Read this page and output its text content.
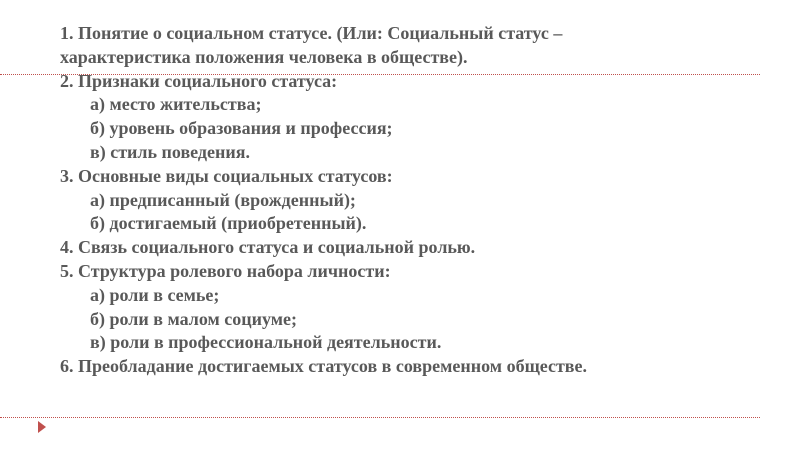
1. Понятие о социальном статусе. (Или: Социальный статус –
характеристика положения человека в обществе).
2. Признаки социального статуса:
а) место жительства;
б) уровень образования и профессия;
в) стиль поведения.
3. Основные виды социальных статусов:
а) предписанный (врожденный);
б) достигаемый (приобретенный).
4. Связь социального статуса и социальной ролью.
5. Структура ролевого набора личности:
а) роли в семье;
б) роли в малом социуме;
в) роли в профессиональной деятельности.
6. Преобладание достигаемых статусов в современном обществе.
